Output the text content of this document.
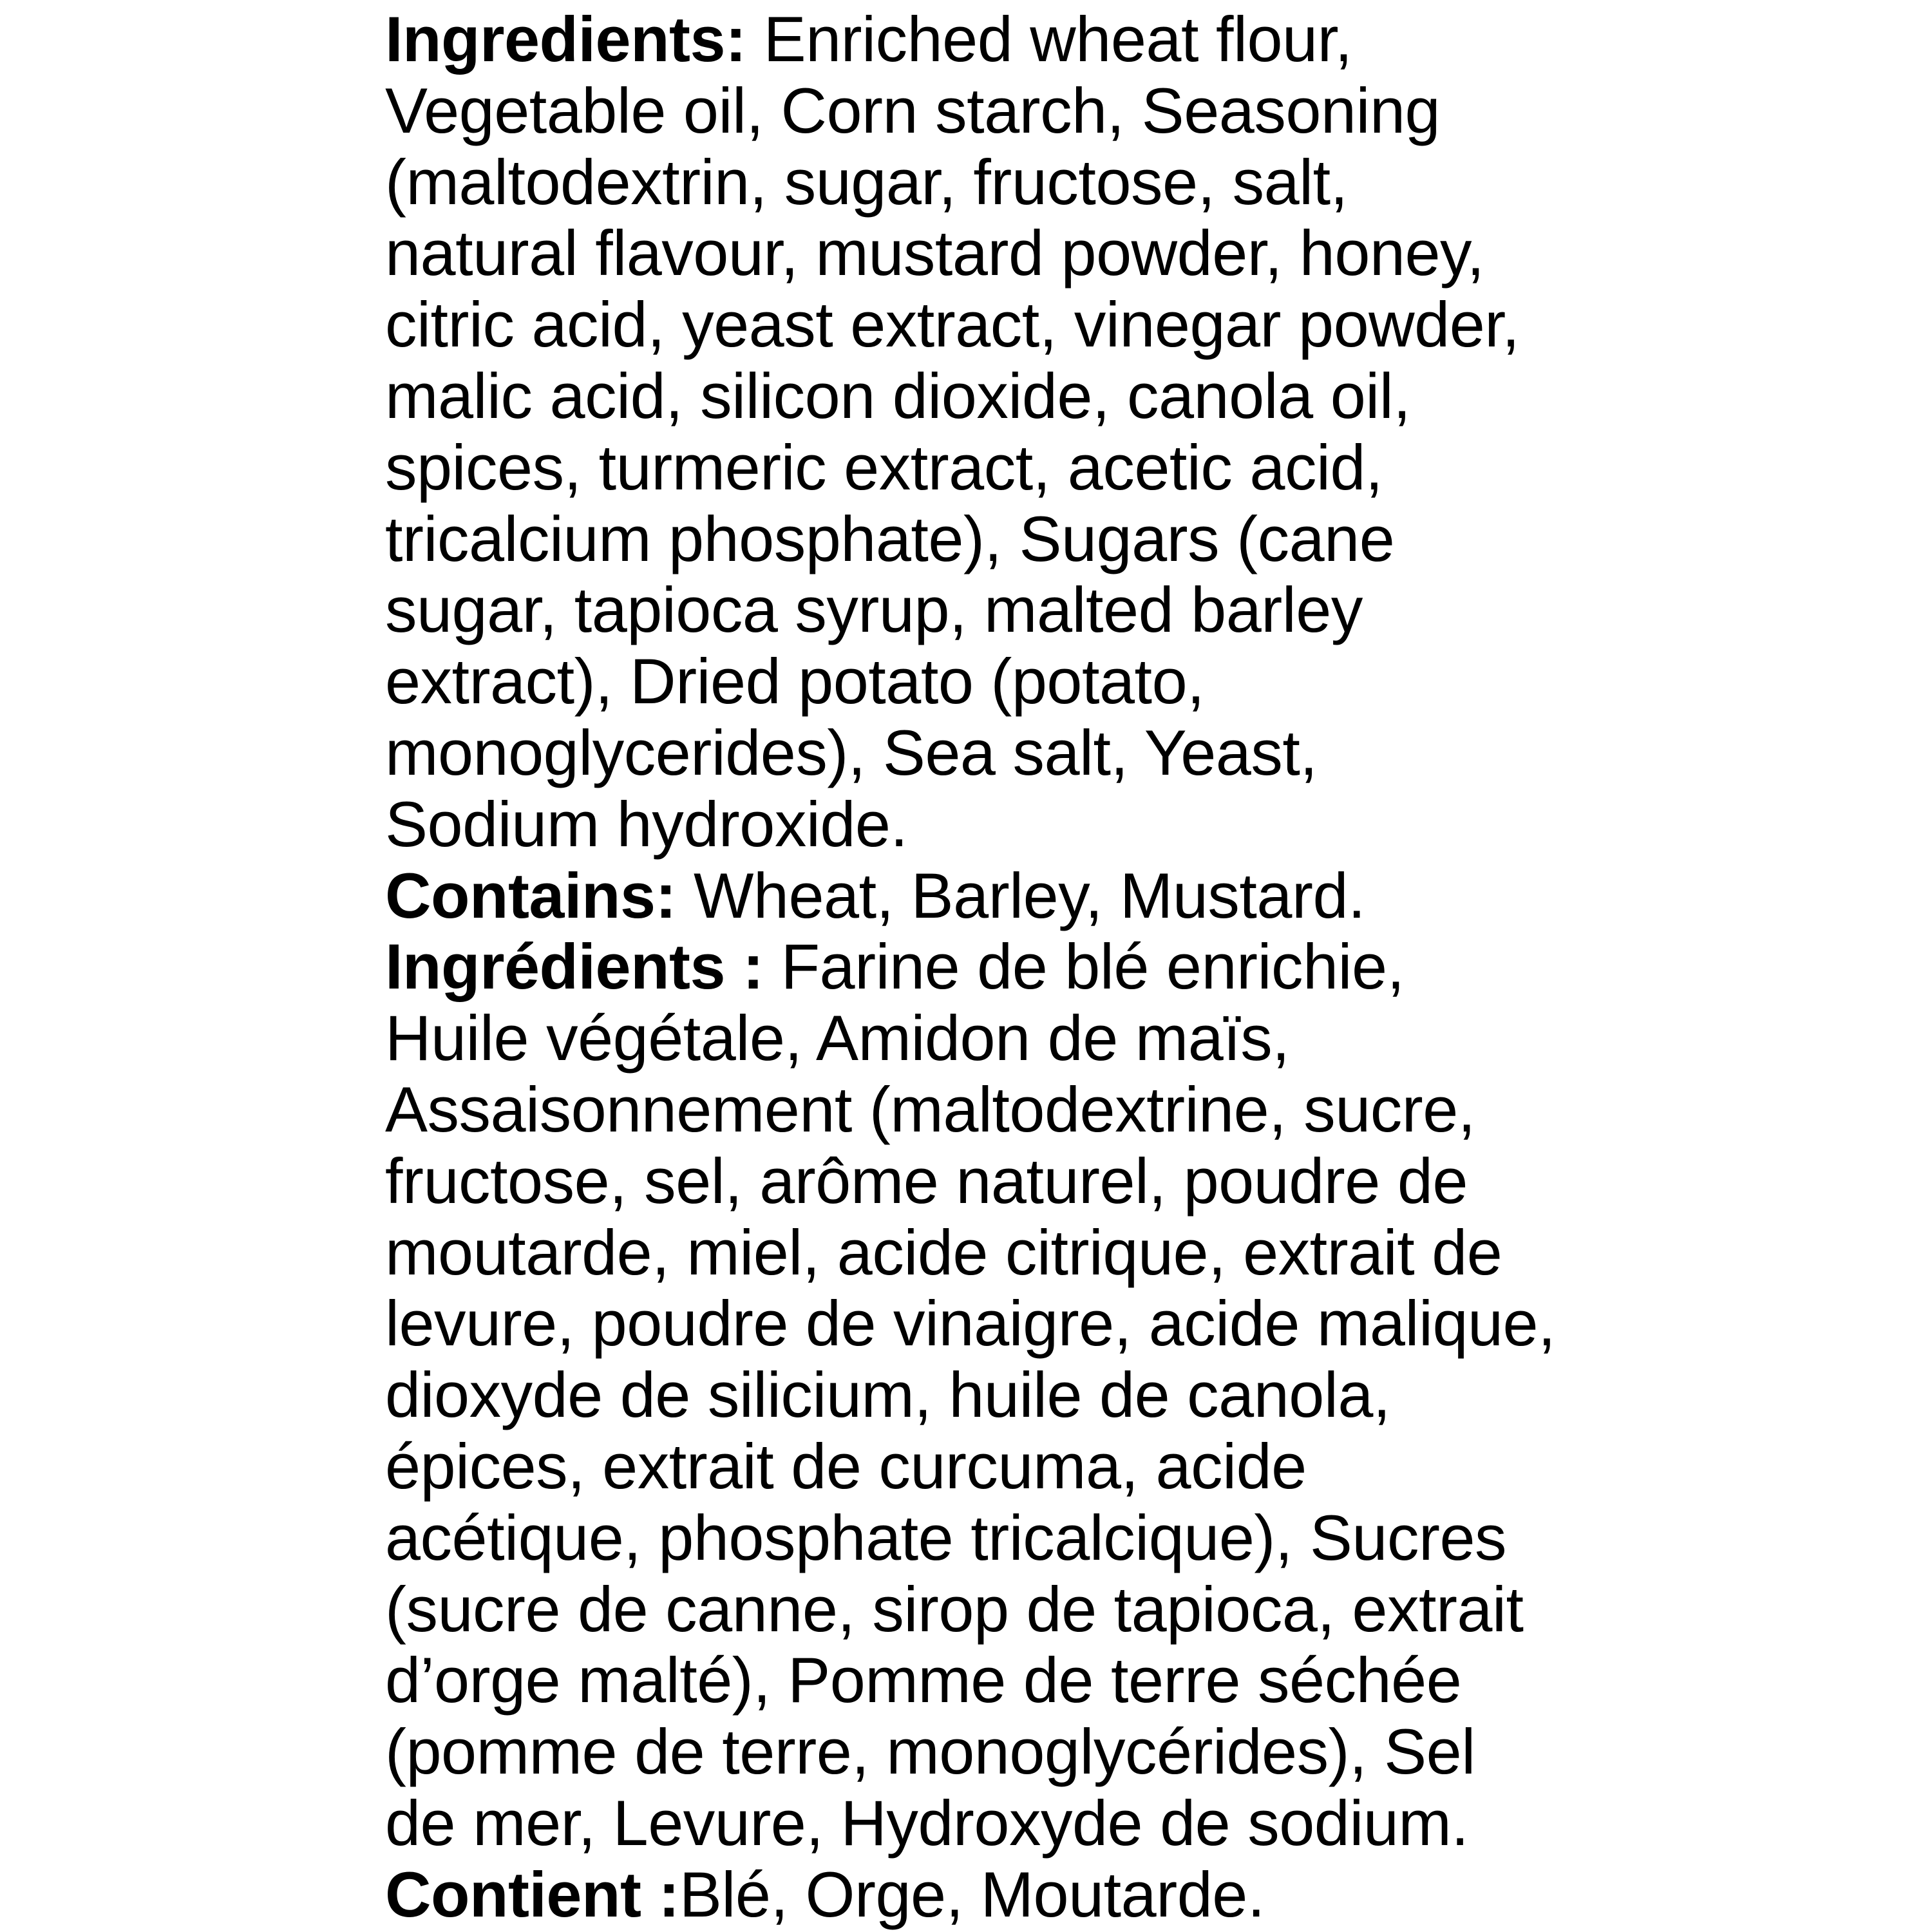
Ingredients: Enriched wheat flour,
Vegetable oil, Corn starch, Seasoning
(maltodextrin, sugar, fructose, salt,
natural flavour, mustard powder, honey,
citric acid, yeast extract, vinegar powder,
malic acid, silicon dioxide, canola oil,
spices, turmeric extract, acetic acid,
tricalcium phosphate), Sugars (cane
sugar, tapioca syrup, malted barley
extract), Dried potato (potato,
monoglycerides), Sea salt, Yeast,
Sodium hydroxide.
Contains: Wheat, Barley, Mustard.
Ingrédients : Farine de blé enrichie,
Huile végétale, Amidon de maïs,
Assaisonnement (maltodextrine, sucre,
fructose, sel, arôme naturel, poudre de
moutarde, miel, acide citrique, extrait de
levure, poudre de vinaigre, acide malique,
dioxyde de silicium, huile de canola,
épices, extrait de curcuma, acide
acétique, phosphate tricalcique), Sucres
(sucre de canne, sirop de tapioca, extrait
d’orge malté), Pomme de terre séchée
(pomme de terre, monoglycérides), Sel
de mer, Levure, Hydroxyde de sodium.
Contient :Blé, Orge, Moutarde.
